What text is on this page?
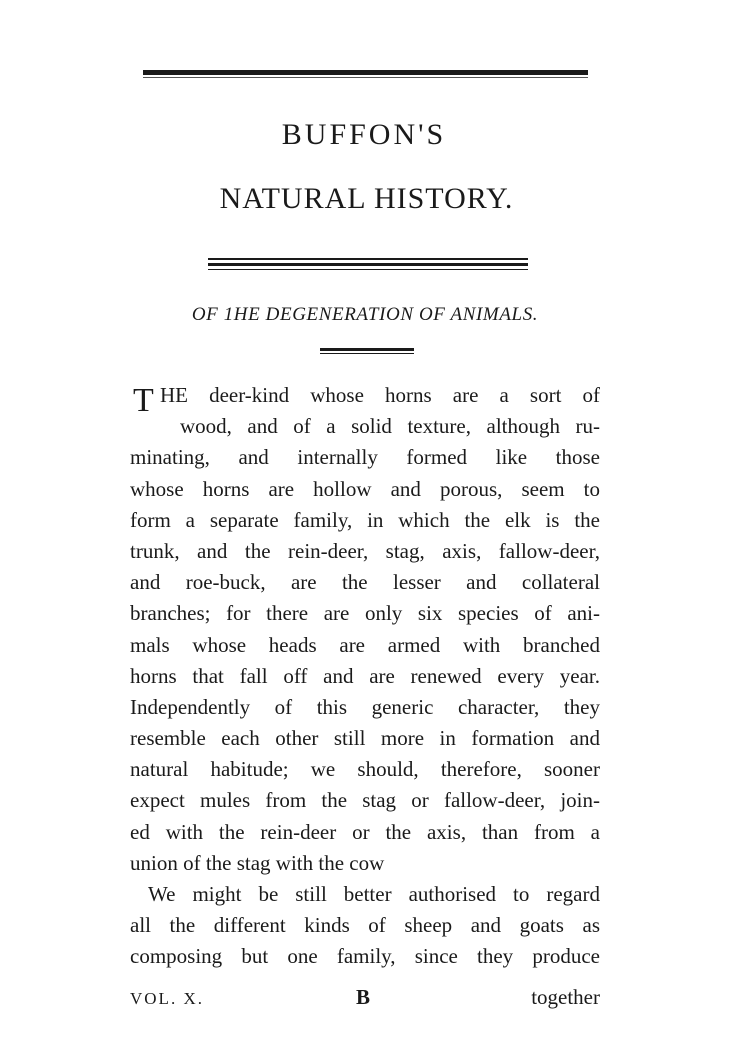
BUFFON'S
NATURAL HISTORY.
OF 1HE DEGENERATION OF ANIMALS.
T HE deer-kind whose horns are a sort of
wood, and of a solid texture, although ru-
minating, and internally formed like those
whose horns are hollow and porous, seem to
form a separate family, in which the elk is the
trunk, and the rein-deer, stag, axis, fallow-deer,
and roe-buck, are the lesser and collateral
branches; for there are only six species of ani-
mals whose heads are armed with branched
horns that fall off and are renewed every year.
Independently of this generic character, they
resemble each other still more in formation and
natural habitude; we should, therefore, sooner
expect mules from the stag or fallow-deer, join-
ed with the rein-deer or the axis, than from a
union of the stag with the cow
We might be still better authorised to regard
all the different kinds of sheep and goats as
composing but one family, since they produce
VOL. X.	B	together
